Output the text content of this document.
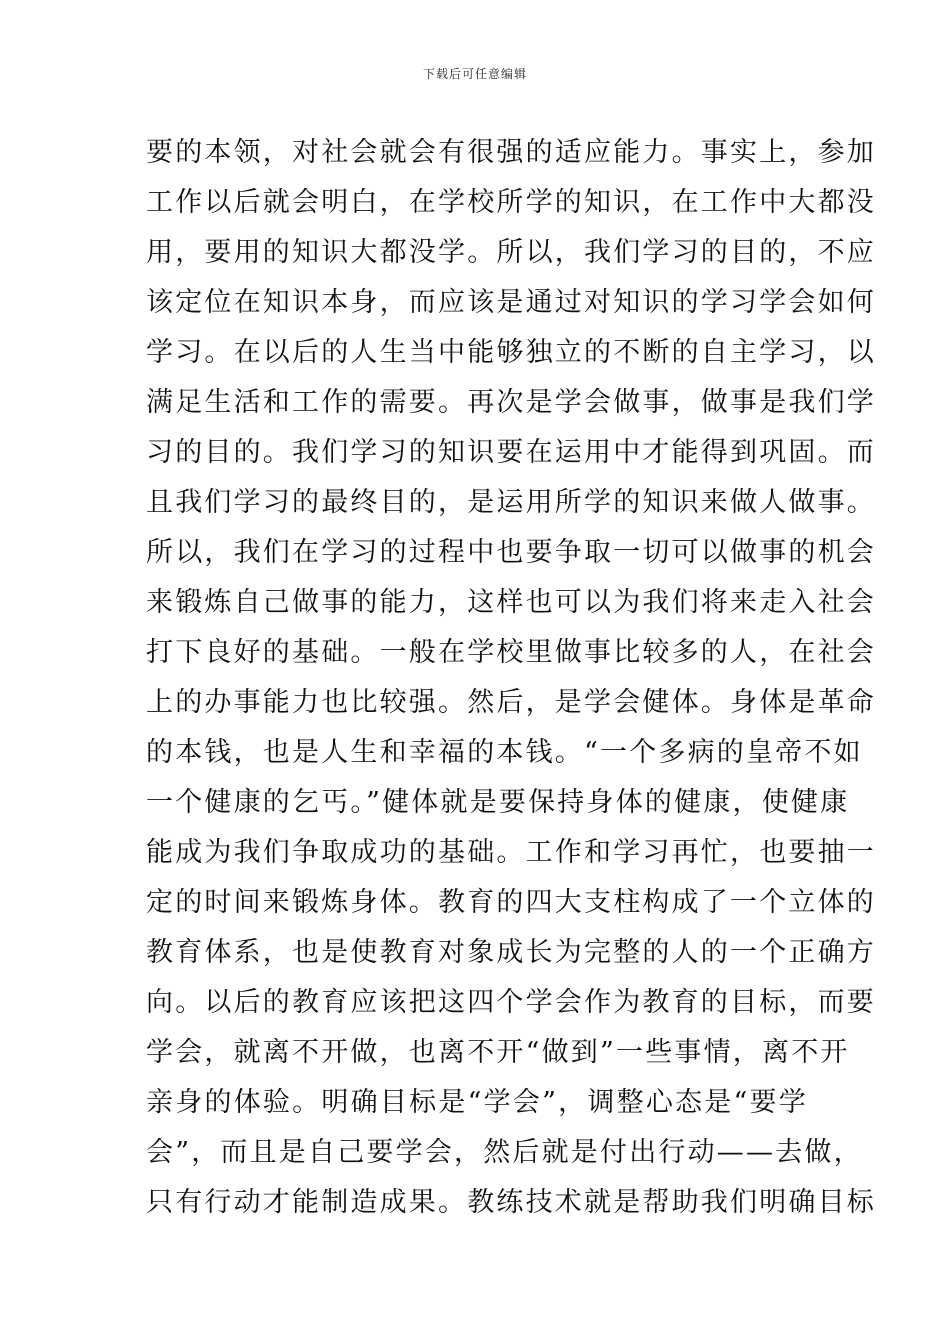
下载后可任意编辑
要的本领，对社会就会有很强的适应能力。事实上，参加
工作以后就会明白，在学校所学的知识，在工作中大都没
用，要用的知识大都没学。所以，我们学习的目的，不应
该定位在知识本身，而应该是通过对知识的学习学会如何
学习。在以后的人生当中能够独立的不断的自主学习，以
满足生活和工作的需要。再次是学会做事，做事是我们学
习的目的。我们学习的知识要在运用中才能得到巩固。而
且我们学习的最终目的，是运用所学的知识来做人做事。
所以，我们在学习的过程中也要争取一切可以做事的机会
来锻炼自己做事的能力，这样也可以为我们将来走入社会
打下良好的基础。一般在学校里做事比较多的人，在社会
上的办事能力也比较强。然后，是学会健体。身体是革命
的本钱，也是人生和幸福的本钱。“一个多病的皇帝不如
一个健康的乞丐。”健体就是要保持身体的健康，使健康
能成为我们争取成功的基础。工作和学习再忙，也要抽一
定的时间来锻炼身体。教育的四大支柱构成了一个立体的
教育体系，也是使教育对象成长为完整的人的一个正确方
向。以后的教育应该把这四个学会作为教育的目标，而要
学会，就离不开做，也离不开“做到”一些事情，离不开
亲身的体验。明确目标是“学会”，调整心态是“要学
会”，而且是自己要学会，然后就是付出行动——去做，
只有行动才能制造成果。教练技术就是帮助我们明确目标
